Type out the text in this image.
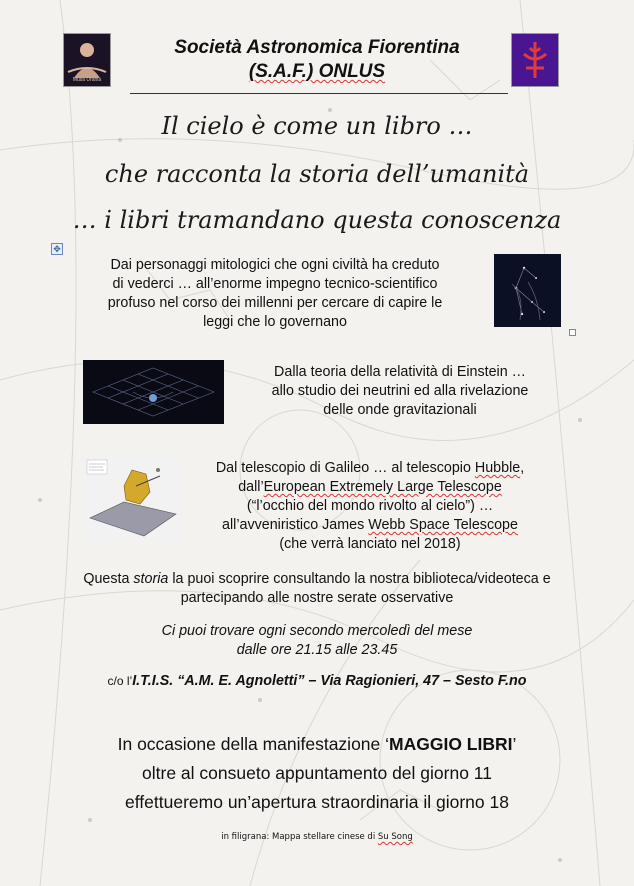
Musa Urania
Società Astronomica Fiorentina
(S.A.F.) ONLUS
Il cielo è come un libro …
che racconta la storia dell’umanità
… i libri tramandano questa conoscenza
✥
Dai personaggi mitologici che ogni civiltà ha creduto
di vederci … all’enorme impegno tecnico-scientifico
profuso nel corso dei millenni per cercare di capire le
leggi che lo governano
Dalla teoria della relatività di Einstein …
allo studio dei neutrini ed alla rivelazione
delle onde gravitazionali
Dal telescopio di Galileo … al telescopio Hubble,
dall’European Extremely Large Telescope
(“l’occhio del mondo rivolto al cielo”) …
all’avveniristico James Webb Space Telescope
(che verrà lanciato nel 2018)
Questa storia la puoi scoprire consultando la nostra biblioteca/videoteca e
partecipando alle nostre serate osservative
Ci puoi trovare ogni secondo mercoledì del mese
dalle ore 21.15 alle 23.45
c/o l’I.T.I.S. “A.M. E. Agnoletti” – Via Ragionieri, 47 – Sesto F.no
In occasione della manifestazione ‘MAGGIO LIBRI’
oltre al consueto appuntamento del giorno 11
effettueremo un’apertura straordinaria il giorno 18
in filigrana: Mappa stellare cinese di Su Song
